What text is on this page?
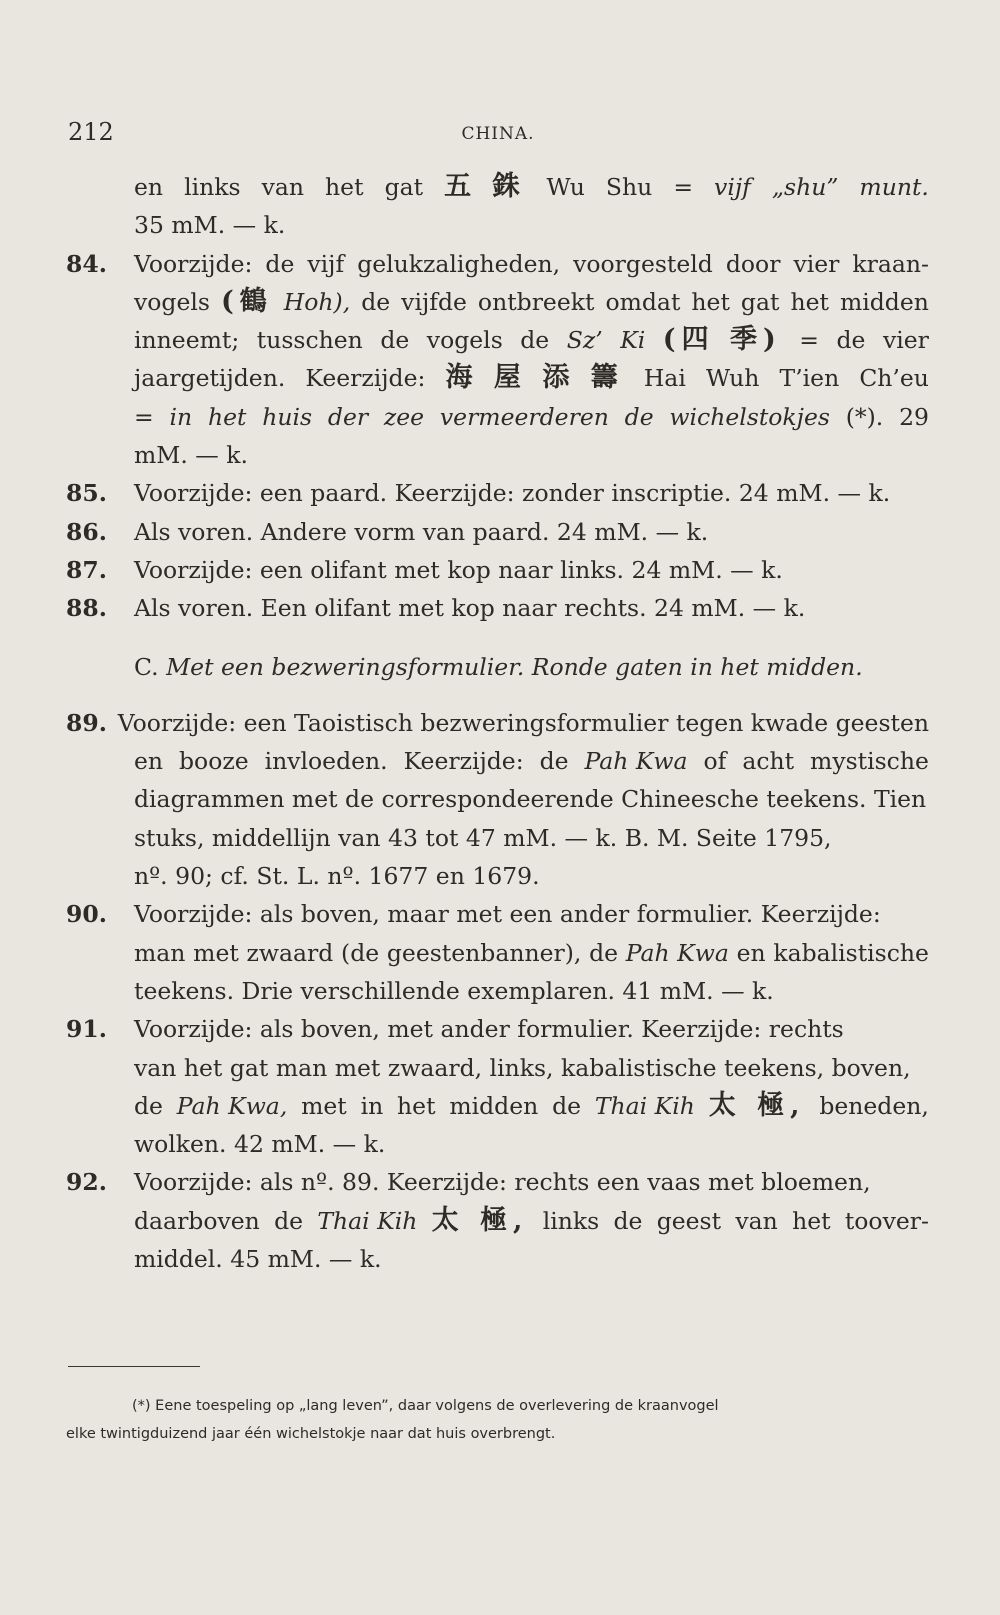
212	CHINA.
en links van het gat 五 銖 Wu Shu = vijf „shu” munt.
35 mM. — k.
84.	Voorzijde: de vijf gelukzaligheden, voorgesteld door vier kraan-
vogels (鶴 Hoh), de vijfde ontbreekt omdat het gat het midden
inneemt; tusschen de vogels de Sz’ Ki (四 季) = de vier
jaargetijden. Keerzijde: 海 屋 添 籌 Hai Wuh T’ien Ch’eu
= in het huis der zee vermeerderen de wichelstokjes (*). 29
mM. — k.
85.	Voorzijde: een paard. Keerzijde: zonder inscriptie. 24 mM. — k.
86.	Als voren. Andere vorm van paard. 24 mM. — k.
87.	Voorzijde: een olifant met kop naar links. 24 mM. — k.
88.	Als voren. Een olifant met kop naar rechts. 24 mM. — k.
C. Met een bezweringsformulier. Ronde gaten in het midden.
89. Voorzijde: een Taoistisch bezweringsformulier tegen kwade geesten
en booze invloeden. Keerzijde: de Pah Kwa of acht mystische
diagrammen met de correspondeerende Chineesche teekens. Tien
stuks, middellijn van 43 tot 47 mM. — k. B. M. Seite 1795,
nº. 90; cf. St. L. nº. 1677 en 1679.
90.	Voorzijde: als boven, maar met een ander formulier. Keerzijde:
man met zwaard (de geestenbanner), de Pah Kwa en kabalistische
teekens. Drie verschillende exemplaren. 41 mM. — k.
91.	Voorzijde: als boven, met ander formulier. Keerzijde: rechts
van het gat man met zwaard, links, kabalistische teekens, boven,
de Pah Kwa, met in het midden de Thai Kih 太 極, beneden,
wolken. 42 mM. — k.
92.	Voorzijde: als nº. 89. Keerzijde: rechts een vaas met bloemen,
daarboven de Thai Kih 太 極, links de geest van het toover-
middel. 45 mM. — k.
(*) Eene toespeling op „lang leven”, daar volgens de overlevering de kraanvogel
elke twintigduizend jaar één wichelstokje naar dat huis overbrengt.
